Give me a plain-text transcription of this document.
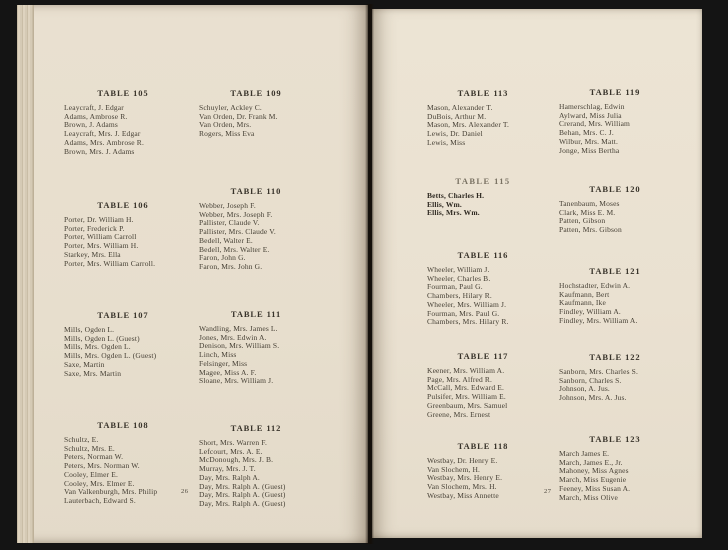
TABLE 105
Leaycraft, J. Edgar
Adams, Ambrose R.
Brown, J. Adams
Leaycraft, Mrs. J. Edgar
Adams, Mrs. Ambrose R.
Brown, Mrs. J. Adams
TABLE 106
Porter, Dr. William H.
Porter, Frederick P.
Porter, William Carroll
Porter, Mrs. William H.
Starkey, Mrs. Ella
Porter, Mrs. William Carroll.
TABLE 107
Mills, Ogden L.
Mills, Ogden L. (Guest)
Mills, Mrs. Ogden L.
Mills, Mrs. Ogden L. (Guest)
Saxe, Martin
Saxe, Mrs. Martin
TABLE 108
Schultz, E.
Schultz, Mrs. E.
Peters, Norman W.
Peters, Mrs. Norman W.
Cooley, Elmer E.
Cooley, Mrs. Elmer E.
Van Valkenburgh, Mrs. Philip
Lauterbach, Edward S.
TABLE 109
Schuyler, Ackley C.
Van Orden, Dr. Frank M.
Van Orden, Mrs.
Rogers, Miss Eva
TABLE 110
Webber, Joseph F.
Webber, Mrs. Joseph F.
Pallister, Claude V.
Pallister, Mrs. Claude V.
Bedell, Walter E.
Bedell, Mrs. Walter E.
Faron, John G.
Faron, Mrs. John G.
TABLE 111
Wandling, Mrs. James L.
Jones, Mrs. Edwin A.
Denison, Mrs. William S.
Linch, Miss
Felsinger, Miss
Magee, Miss A. F.
Sloane, Mrs. William J.
TABLE 112
Short, Mrs. Warren F.
Lefcourt, Mrs. A. E.
McDonough, Mrs. J. B.
Murray, Mrs. J. T.
Day, Mrs. Ralph A.
Day, Mrs. Ralph A. (Guest)
Day, Mrs. Ralph A. (Guest)
Day, Mrs. Ralph A. (Guest)
26
TABLE 113
Mason, Alexander T.
DuBois, Arthur M.
Mason, Mrs. Alexander T.
Lewis, Dr. Daniel
Lewis, Miss
TABLE 115
Betts, Charles H.
Ellis, Wm.
Ellis, Mrs. Wm.
TABLE 116
Wheeler, William J.
Wheeler, Charles B.
Fourman, Paul G.
Chambers, Hilary R.
Wheeler, Mrs. William J.
Fourman, Mrs. Paul G.
Chambers, Mrs. Hilary R.
TABLE 117
Keener, Mrs. William A.
Page, Mrs. Alfred R.
McCall, Mrs. Edward E.
Pulsifer, Mrs. William E.
Greenbaum, Mrs. Samuel
Greene, Mrs. Ernest
TABLE 118
Westbay, Dr. Henry E.
Van Slochem, H.
Westbay, Mrs. Henry E.
Van Slochem, Mrs. H.
Westbay, Miss Annette
TABLE 119
Hamerschlag, Edwin
Aylward, Miss Julia
Crerand, Mrs. William
Behan, Mrs. C. J.
Wilbur, Mrs. Matt.
Jonge, Miss Bertha
TABLE 120
Tanenbaum, Moses
Clark, Miss E. M.
Patten, Gibson
Patten, Mrs. Gibson
TABLE 121
Hochstadter, Edwin A.
Kaufmann, Bert
Kaufmann, Ike
Findley, William A.
Findley, Mrs. William A.
TABLE 122
Sanborn, Mrs. Charles S.
Sanborn, Charles S.
Johnson, A. Jus.
Johnson, Mrs. A. Jus.
TABLE 123
March James E.
March, James E., Jr.
Mahoney, Miss Agnes
March, Miss Eugenie
Feeney, Miss Susan A.
March, Miss Olive
27
